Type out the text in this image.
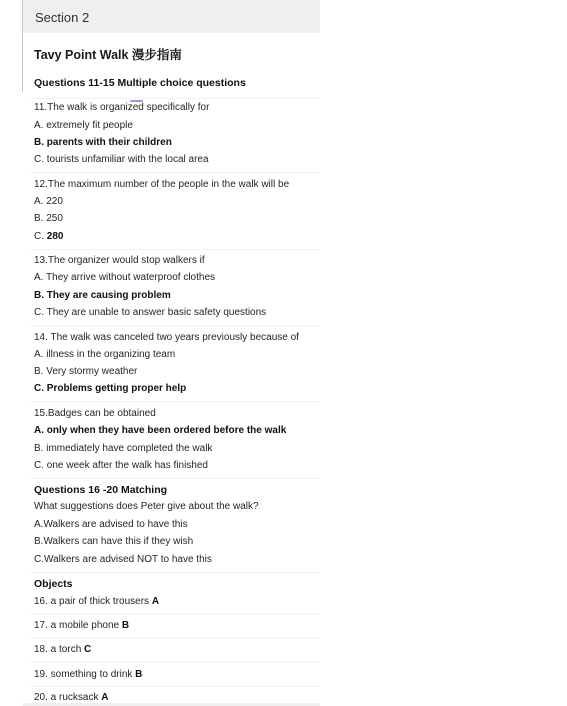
Section 2
Tavy Point Walk 漫步指南
Questions 11-15 Multiple choice questions
11.The walk is organized specifically for
A. extremely fit people
B. parents with their children
C. tourists unfamiliar with the local area
12.The maximum number of the people in the walk will be
A. 220
B. 250
C. 280
13.The organizer would stop walkers if
A. They arrive without waterproof clothes
B. They are causing problem
C. They are unable to answer basic safety questions
14. The walk was canceled two years previously because of
A. illness in the organizing team
B. Very stormy weather
C. Problems getting proper help
15.Badges can be obtained
A. only when they have been ordered before the walk
B. immediately have completed the walk
C. one week after the walk has finished
Questions 16 -20 Matching
What suggestions does Peter give about the walk?
A.Walkers are advised to have this
B.Walkers can have this if they wish
C.Walkers are advised NOT to have this
Objects
16. a pair of thick trousers A
17. a mobile phone B
18. a torch C
19. something to drink B
20. a rucksack A
